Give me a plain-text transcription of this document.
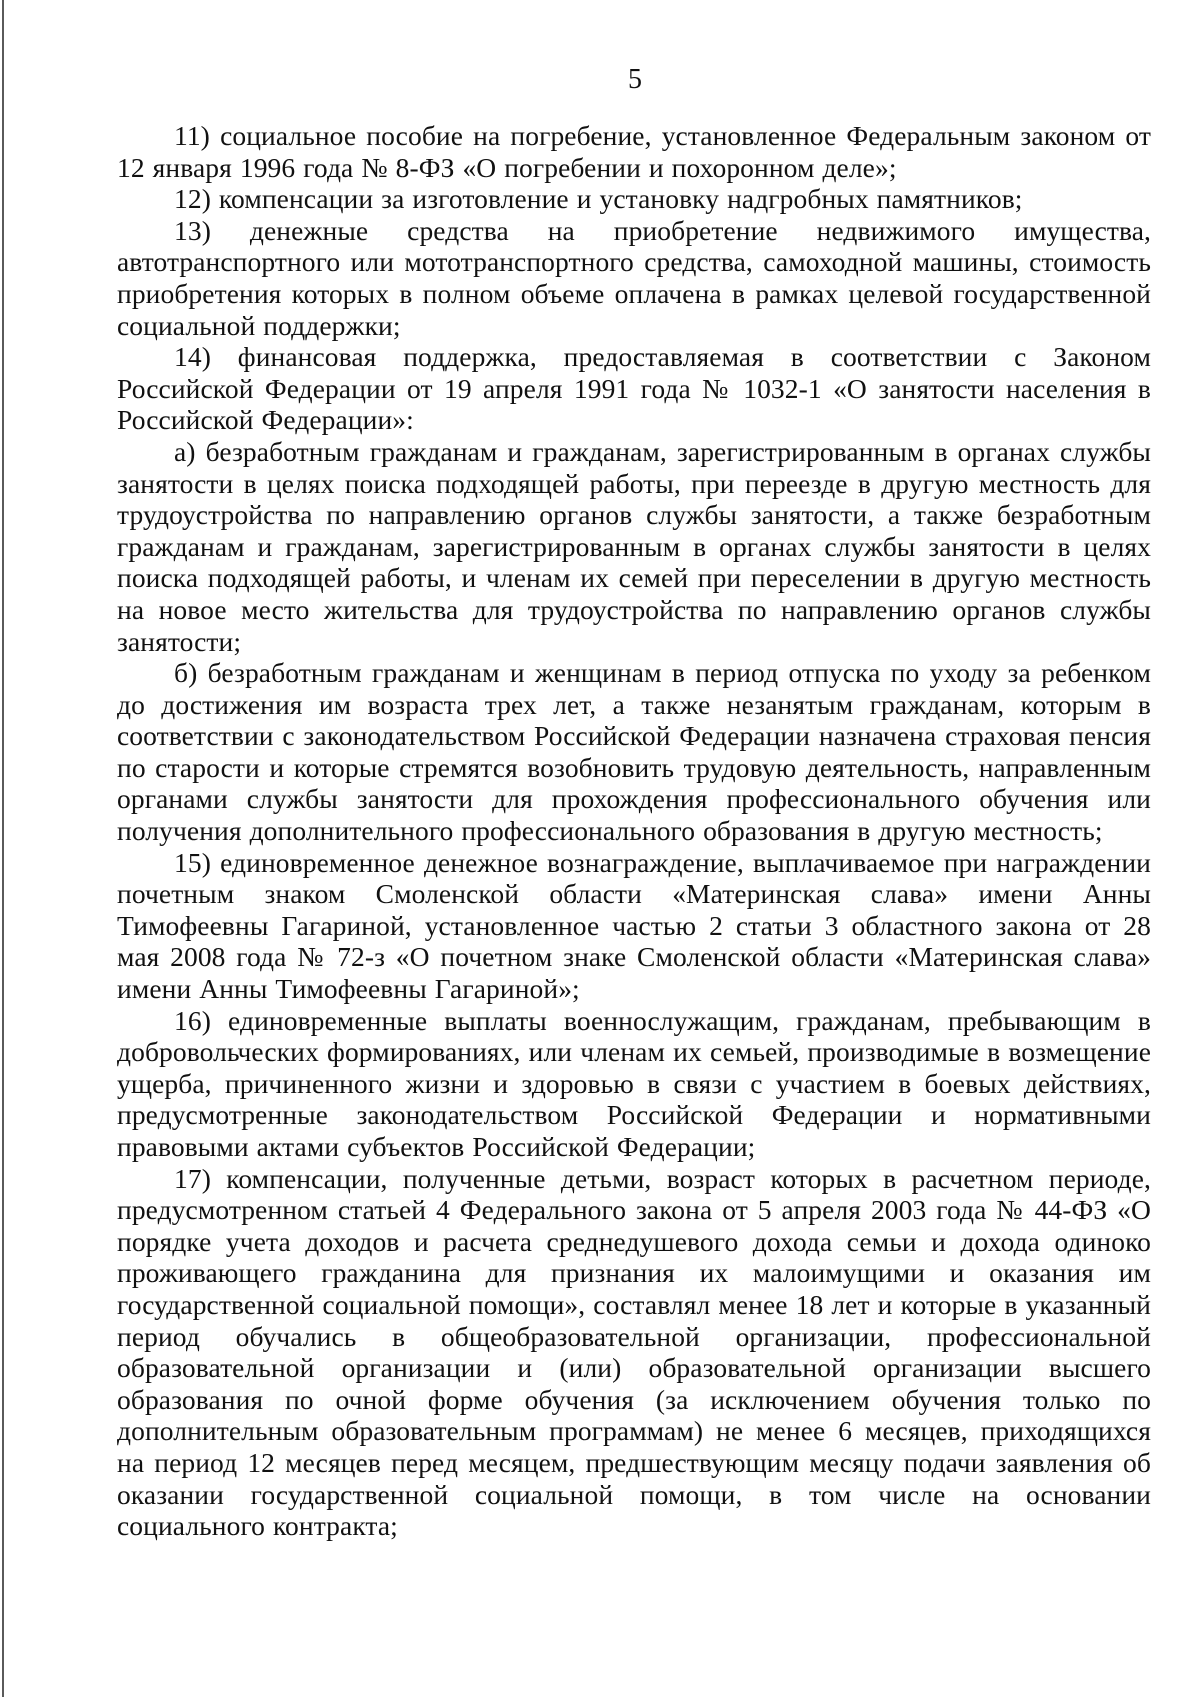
5

11) социальное пособие на погребение, установленное Федеральным законом от 12 января 1996 года № 8-ФЗ «О погребении и похоронном деле»;

12) компенсации за изготовление и установку надгробных памятников;

13) денежные средства на приобретение недвижимого имущества, автотранспортного или мототранспортного средства, самоходной машины, стоимость приобретения которых в полном объеме оплачена в рамках целевой государственной социальной поддержки;

14) финансовая поддержка, предоставляемая в соответствии с Законом Российской Федерации от 19 апреля 1991 года № 1032-1 «О занятости населения в Российской Федерации»:

а) безработным гражданам и гражданам, зарегистрированным в органах службы занятости в целях поиска подходящей работы, при переезде в другую местность для трудоустройства по направлению органов службы занятости, а также безработным гражданам и гражданам, зарегистрированным в органах службы занятости в целях поиска подходящей работы, и членам их семей при переселении в другую местность на новое место жительства для трудоустройства по направлению органов службы занятости;

б) безработным гражданам и женщинам в период отпуска по уходу за ребенком до достижения им возраста трех лет, а также незанятым гражданам, которым в соответствии с законодательством Российской Федерации назначена страховая пенсия по старости и которые стремятся возобновить трудовую деятельность, направленным органами службы занятости для прохождения профессионального обучения или получения дополнительного профессионального образования в другую местность;

15) единовременное денежное вознаграждение, выплачиваемое при награждении почетным знаком Смоленской области «Материнская слава» имени Анны Тимофеевны Гагариной, установленное частью 2 статьи 3 областного закона от 28 мая 2008 года № 72-з «О почетном знаке Смоленской области «Материнская слава» имени Анны Тимофеевны Гагариной»;

16) единовременные выплаты военнослужащим, гражданам, пребывающим в добровольческих формированиях, или членам их семьей, производимые в возмещение ущерба, причиненного жизни и здоровью в связи с участием в боевых действиях, предусмотренные законодательством Российской Федерации и нормативными правовыми актами субъектов Российской Федерации;

17) компенсации, полученные детьми, возраст которых в расчетном периоде, предусмотренном статьей 4 Федерального закона от 5 апреля 2003 года № 44-ФЗ «О порядке учета доходов и расчета среднедушевого дохода семьи и дохода одиноко проживающего гражданина для признания их малоимущими и оказания им государственной социальной помощи», составлял менее 18 лет и которые в указанный период обучались в общеобразовательной организации, профессиональной образовательной организации и (или) образовательной организации высшего образования по очной форме обучения (за исключением обучения только по дополнительным образовательным программам) не менее 6 месяцев, приходящихся на период 12 месяцев перед месяцем, предшествующим месяцу подачи заявления об оказании государственной социальной помощи, в том числе на основании социального контракта;
